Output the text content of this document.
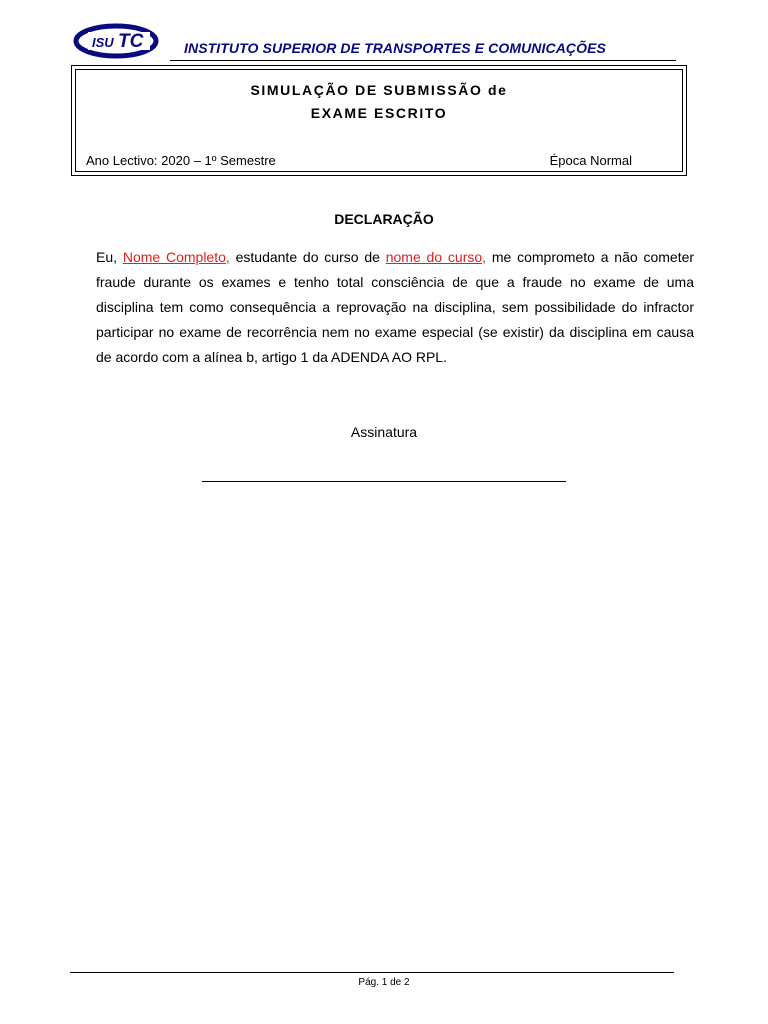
ISU TC	INSTITUTO SUPERIOR DE TRANSPORTES E COMUNICAÇÕES
SIMULAÇÃO DE SUBMISSÃO de
EXAME ESCRITO
Ano Lectivo: 2020 – 1º Semestre	Época Normal
DECLARAÇÃO
Eu, Nome Completo, estudante do curso de nome do curso, me comprometo a não cometer fraude durante os exames e tenho total consciência de que a fraude no exame de uma disciplina tem como consequência a reprovação na disciplina, sem possibilidade do infractor participar no exame de recorrência nem no exame especial (se existir) da disciplina em causa de acordo com a alínea b, artigo 1 da ADENDA AO RPL.
Assinatura
Pág. 1 de 2
